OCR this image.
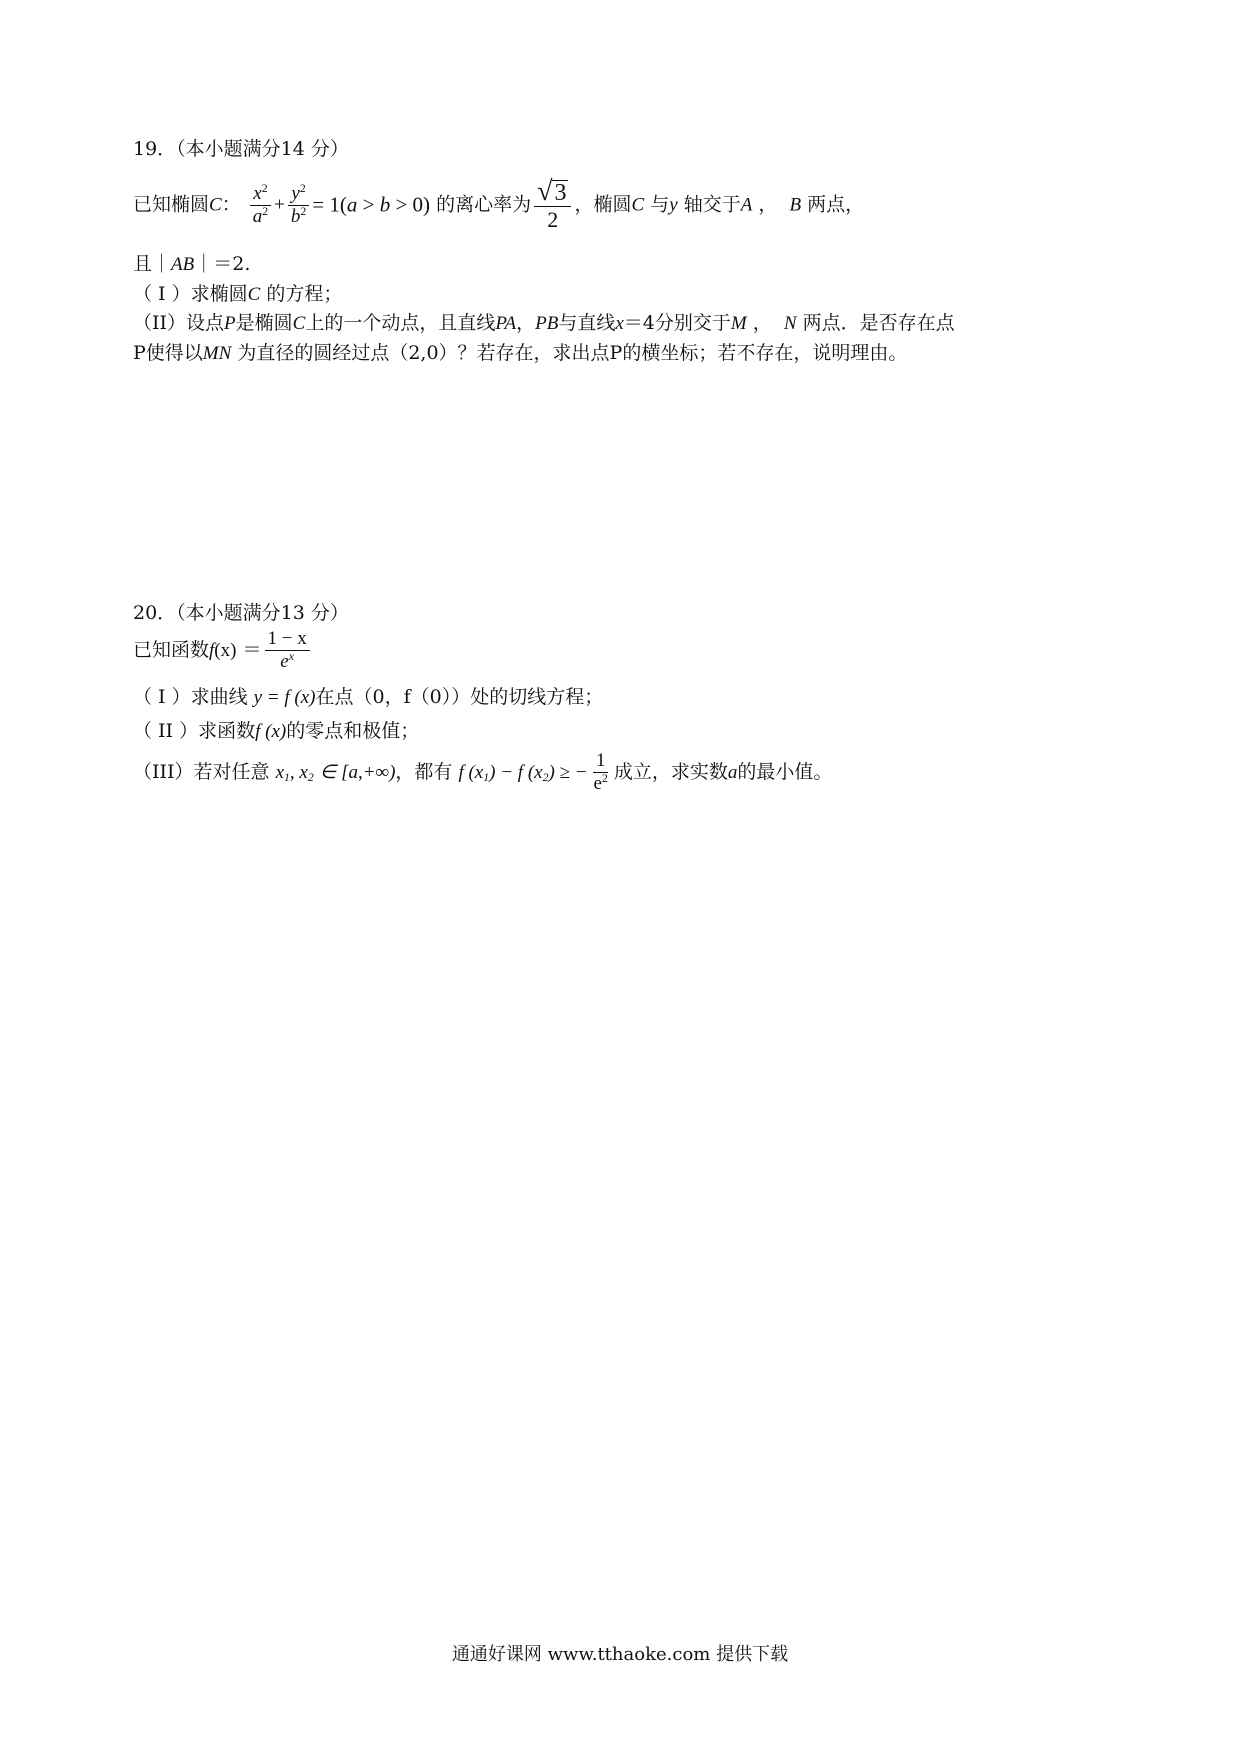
19．（本小题满分14 分）
已知椭圆C： $\frac{x^2}{a^2} + \frac{y^2}{b^2} = 1(a > b > 0)$ 的离心率为 $\frac{√ 3}{2}$ ，椭圆C 与y 轴交于A ，  B 两点，
且｜AB｜＝2.
（ I ）求椭圆C 的方程；
（II）设点P是椭圆C上的一个动点，且直线PA，PB与直线x＝4分别交于M ，  N 两点．是否存在点
P使得以MN 为直径的圆经过点（2,0）？若存在，求出点P的横坐标；若不存在，说明理由。
20．（本小题满分13 分）
已知函数$f(x) = \frac{1 - x}{e^x}$
（ I ）求曲线 y = f (x)在点（0，f（0））处的切线方程；
（ II ）求函数f (x)的零点和极值；
（III）若对任意 $x_1$, $x_2$ ∈ [a,+∞)，都有 f $(x_1) - f$ $(x_2)$ ≥ − $\frac{1}{e^2}$ 成立，求实数a的最小值。
通通好课网 www.tthaoke.com 提供下载
